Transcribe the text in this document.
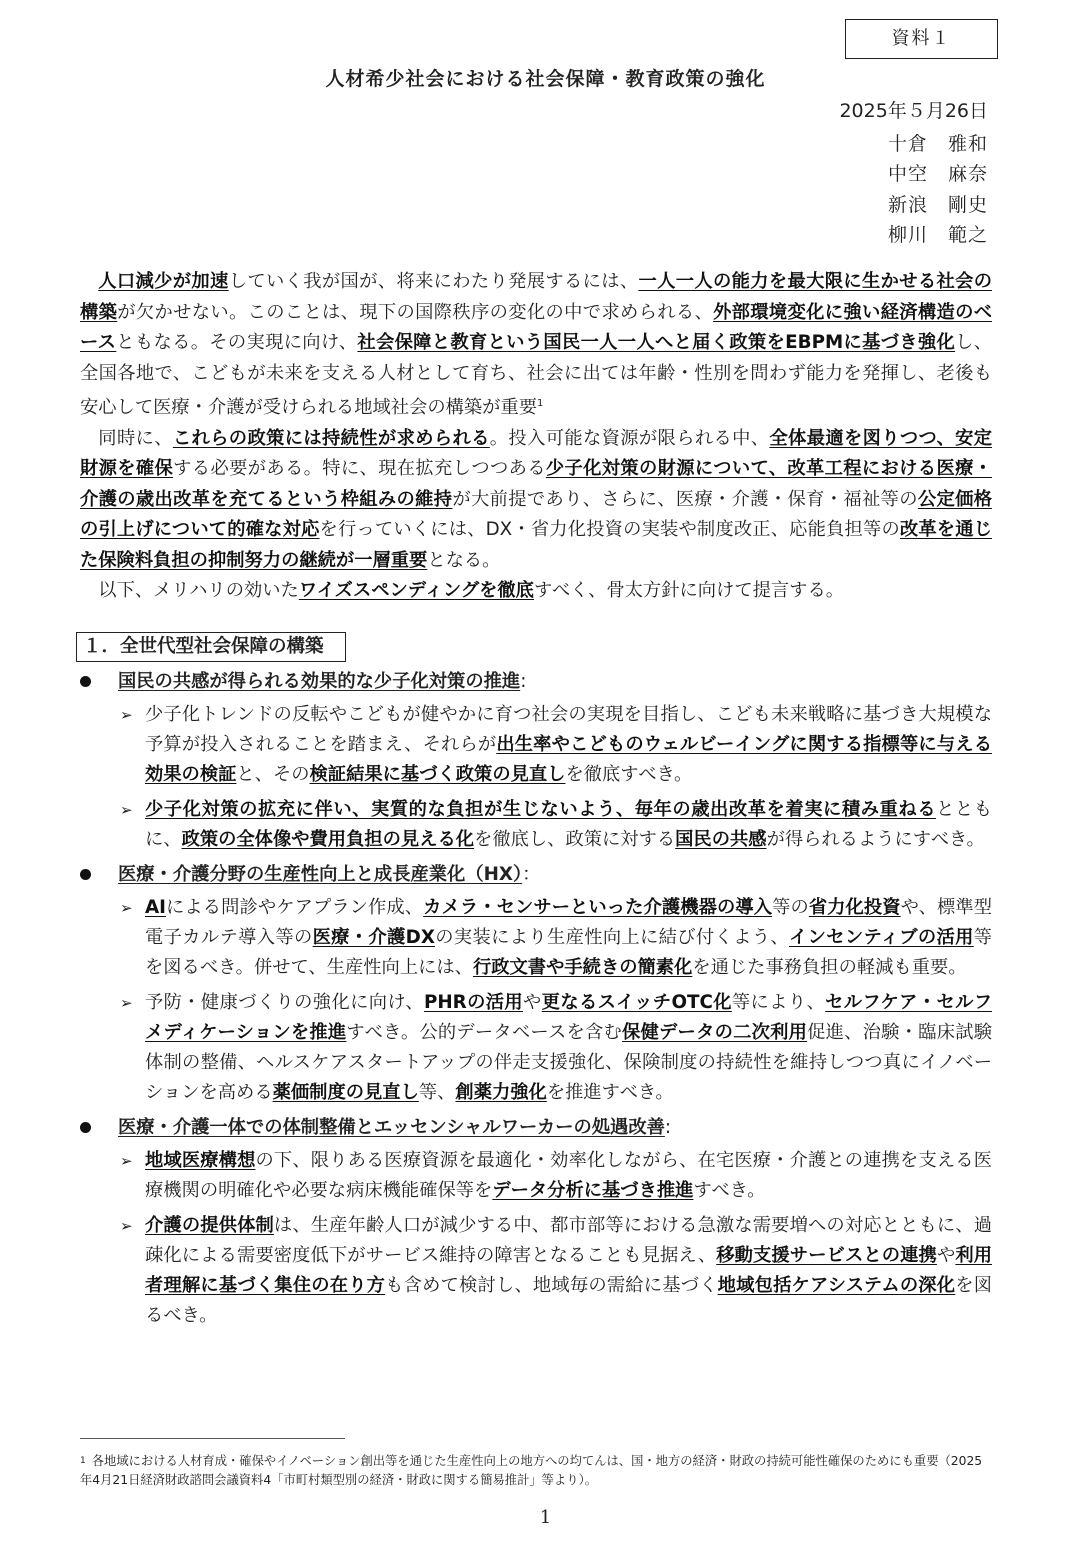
資料１
人材希少社会における社会保障・教育政策の強化
2025年５月26日
十倉　雅和
中空　麻奈
新浪　剛史
柳川　範之

人口減少が加速していく我が国が、将来にわたり発展するには、一人一人の能力を最大限に生かせる社会の構築が欠かせない。このことは、現下の国際秩序の変化の中で求められる、外部環境変化に強い経済構造のベースともなる。その実現に向け、社会保障と教育という国民一人一人へと届く政策をEBPMに基づき強化し、全国各地で、こどもが未来を支える人材として育ち、社会に出ては年齢・性別を問わず能力を発揮し、老後も安心して医療・介護が受けられる地域社会の構築が重要$^1$

同時に、これらの政策には持続性が求められる。投入可能な資源が限られる中、全体最適を図りつつ、安定財源を確保する必要がある。特に、現在拡充しつつある少子化対策の財源について、改革工程における医療・介護の歳出改革を充てるという枠組みの維持が大前提であり、さらに、医療・介護・保育・福祉等の公定価格の引上げについて的確な対応を行っていくには、DX・省力化投資の実装や制度改正、応能負担等の改革を通じた保険料負担の抑制努力の継続が一層重要となる。

以下、メリハリの効いたワイズスペンディングを徹底すべく、骨太方針に向けて提言する。

１．全世代型社会保障の構築
国民の共感が得られる効果的な少子化対策の推進:
➢ 少子化トレンドの反転やこどもが健やかに育つ社会の実現を目指し、こども未来戦略に基づき大規模な予算が投入されることを踏まえ、それらが出生率やこどものウェルビーイングに関する指標等に与える効果の検証と、その検証結果に基づく政策の見直しを徹底すべき。
➢ 少子化対策の拡充に伴い、実質的な負担が生じないよう、毎年の歳出改革を着実に積み重ねるとともに、政策の全体像や費用負担の見える化を徹底し、政策に対する国民の共感が得られるようにすべき。
医療・介護分野の生産性向上と成長産業化（HX）：
➢ AIによる問診やケアプラン作成、カメラ・センサーといった介護機器の導入等の省力化投資や、標準型電子カルテ導入等の医療・介護DXの実装により生産性向上に結び付くよう、インセンティブの活用等を図るべき。併せて、生産性向上には、行政文書や手続きの簡素化を通じた事務負担の軽減も重要。
➢ 予防・健康づくりの強化に向け、PHRの活用や更なるスイッチOTC化等により、セルフケア・セルフメディケーションを推進すべき。公的データベースを含む保健データの二次利用促進、治験・臨床試験体制の整備、ヘルスケアスタートアップの伴走支援強化、保険制度の持続性を維持しつつ真にイノベーションを高める薬価制度の見直し等、創薬力強化を推進すべき。
医療・介護一体での体制整備とエッセンシャルワーカーの処遇改善:
➢ 地域医療構想の下、限りある医療資源を最適化・効率化しながら、在宅医療・介護との連携を支える医療機関の明確化や必要な病床機能確保等をデータ分析に基づき推進すべき。
➢ 介護の提供体制は、生産年齢人口が減少する中、都市部等における急激な需要増への対応とともに、過疎化による需要密度低下がサービス維持の障害となることも見据え、移動支援サービスとの連携や利用者理解に基づく集住の在り方も含めて検討し、地域毎の需給に基づく地域包括ケアシステムの深化を図るべき。
$^1$ 各地域における人材育成・確保やイノベーション創出等を通じた生産性向上の地方への均てんは、国・地方の経済・財政の持続可能性確保のためにも重要（2025年4月21日経済財政諮問会議資料4「市町村類型別の経済・財政に関する簡易推計」等より）。
1
